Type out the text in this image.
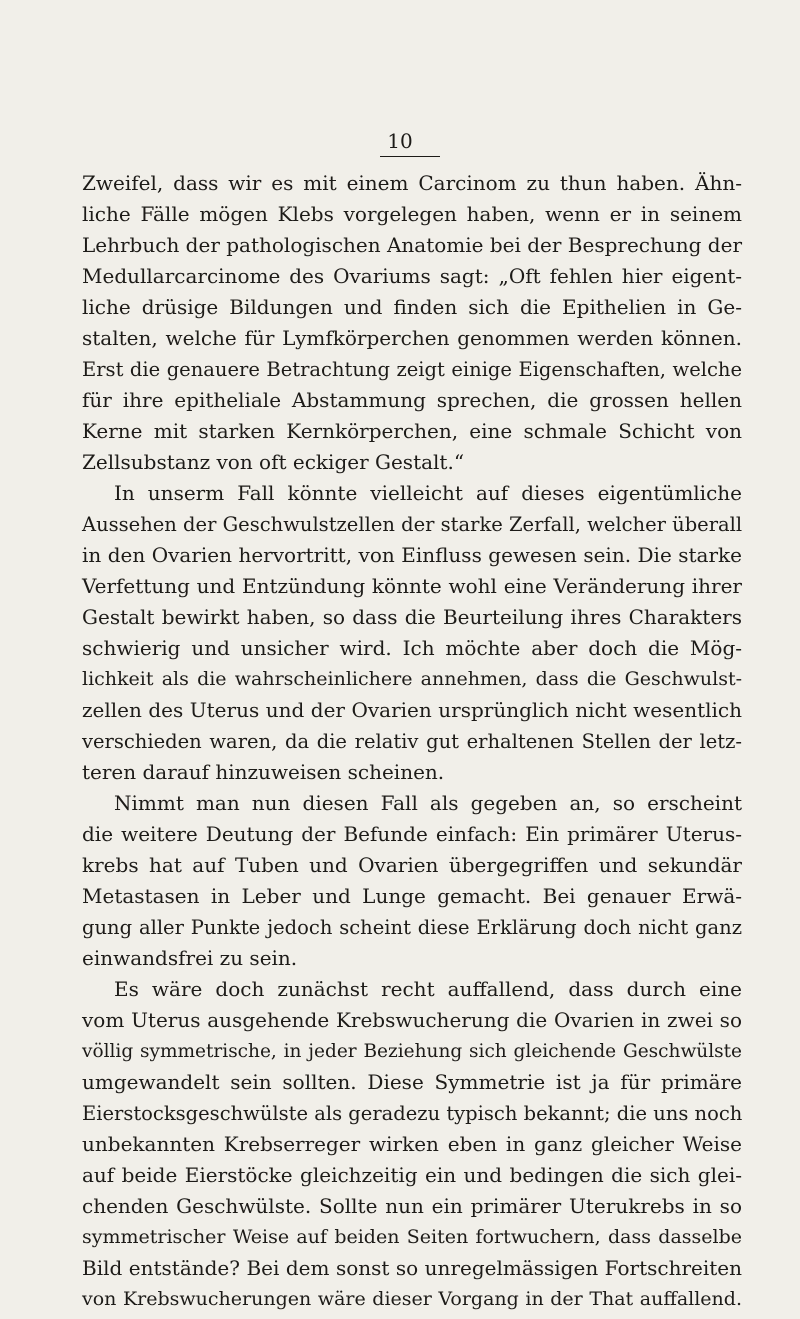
10
Zweifel, dass wir es mit einem Carcinom zu thun haben. Ähn-
liche Fälle mögen Klebs vorgelegen haben, wenn er in seinem
Lehrbuch der pathologischen Anatomie bei der Besprechung der
Medullarcarcinome des Ovariums sagt: „Oft fehlen hier eigent-
liche drüsige Bildungen und finden sich die Epithelien in Ge-
stalten, welche für Lymfkörperchen genommen werden können.
Erst die genauere Betrachtung zeigt einige Eigenschaften, welche
für ihre epitheliale Abstammung sprechen, die grossen hellen
Kerne mit starken Kernkörperchen, eine schmale Schicht von
Zellsubstanz von oft eckiger Gestalt.“
In unserm Fall könnte vielleicht auf dieses eigentümliche
Aussehen der Geschwulstzellen der starke Zerfall, welcher überall
in den Ovarien hervortritt, von Einfluss gewesen sein. Die starke
Verfettung und Entzündung könnte wohl eine Veränderung ihrer
Gestalt bewirkt haben, so dass die Beurteilung ihres Charakters
schwierig und unsicher wird. Ich möchte aber doch die Mög-
lichkeit als die wahrscheinlichere annehmen, dass die Geschwulst-
zellen des Uterus und der Ovarien ursprünglich nicht wesentlich
verschieden waren, da die relativ gut erhaltenen Stellen der letz-
teren darauf hinzuweisen scheinen.
Nimmt man nun diesen Fall als gegeben an, so erscheint
die weitere Deutung der Befunde einfach: Ein primärer Uterus-
krebs hat auf Tuben und Ovarien übergegriffen und sekundär
Metastasen in Leber und Lunge gemacht. Bei genauer Erwä-
gung aller Punkte jedoch scheint diese Erklärung doch nicht ganz
einwandsfrei zu sein.
Es wäre doch zunächst recht auffallend, dass durch eine
vom Uterus ausgehende Krebswucherung die Ovarien in zwei so
völlig symmetrische, in jeder Beziehung sich gleichende Geschwülste
umgewandelt sein sollten. Diese Symmetrie ist ja für primäre
Eierstocksgeschwülste als geradezu typisch bekannt; die uns noch
unbekannten Krebserreger wirken eben in ganz gleicher Weise
auf beide Eierstöcke gleichzeitig ein und bedingen die sich glei-
chenden Geschwülste. Sollte nun ein primärer Uterukrebs in so
symmetrischer Weise auf beiden Seiten fortwuchern, dass dasselbe
Bild entstände? Bei dem sonst so unregelmässigen Fortschreiten
von Krebswucherungen wäre dieser Vorgang in der That auffallend.
